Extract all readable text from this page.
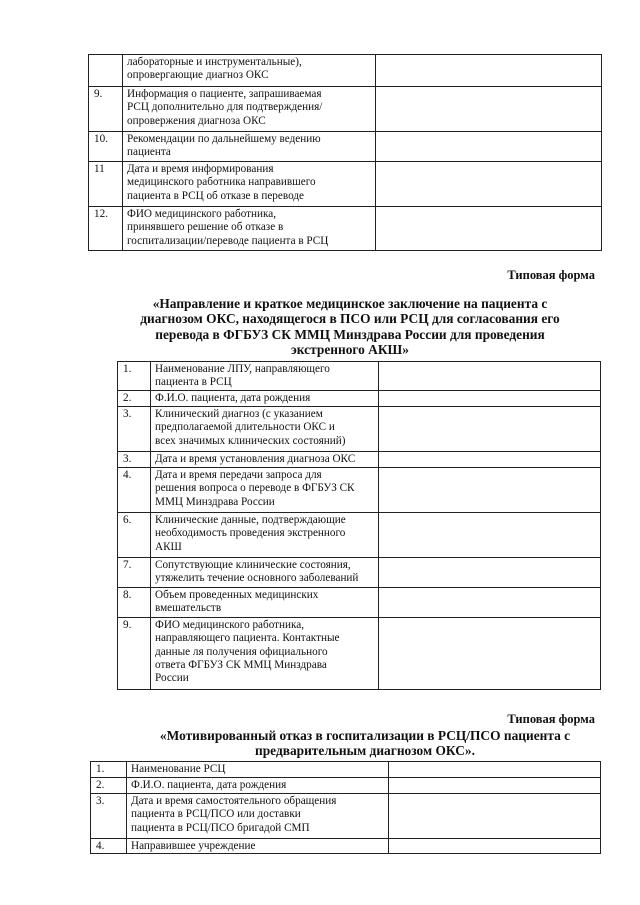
	лабораторные и инструментальные),
опровергающие диагноз ОКС	
9.	Информация о пациенте, запрашиваемая
РСЦ дополнительно для подтверждения/
опровержения диагноза ОКС	
10.	Рекомендации по дальнейшему ведению
пациента	
11	Дата и время информирования
медицинского работника направившего
пациента в РСЦ об отказе в переводе	
12.	ФИО медицинского работника,
принявшего решение об отказе в
госпитализации/переводе пациента в РСЦ	
Типовая форма
«Направление и краткое медицинское заключение на пациента с
диагнозом ОКС, находящегося в ПСО или РСЦ для согласования его
перевода в ФГБУЗ СК ММЦ Минздрава России для проведения
экстренного АКШ»
1.	Наименование ЛПУ, направляющего
пациента в РСЦ	
2.	Ф.И.О. пациента, дата рождения	
3.	Клинический диагноз (с указанием
предполагаемой длительности ОКС и
всех значимых клинических состояний)	
3.	Дата и время установления диагноза ОКС	
4.	Дата и время передачи запроса для
решения вопроса о переводе в ФГБУЗ СК
ММЦ Минздрава России	
6.	Клинические данные, подтверждающие
необходимость проведения экстренного
АКШ	
7.	Сопутствующие клинические состояния,
утяжелить течение основного заболеваний	
8.	Объем проведенных медицинских
вмешательств	
9.	ФИО медицинского работника,
направляющего пациента. Контактные
данные ля получения официального
ответа ФГБУЗ СК ММЦ Минздрава
России	
Типовая форма
«Мотивированный отказ в госпитализации в РСЦ/ПСО пациента с
предварительным диагнозом ОКС».
1.	Наименование РСЦ	
2.	Ф.И.О. пациента, дата рождения	
3.	Дата и время самостоятельного обращения
пациента в РСЦ/ПСО или доставки
пациента в РСЦ/ПСО бригадой СМП	
4.	Направившее учреждение	
